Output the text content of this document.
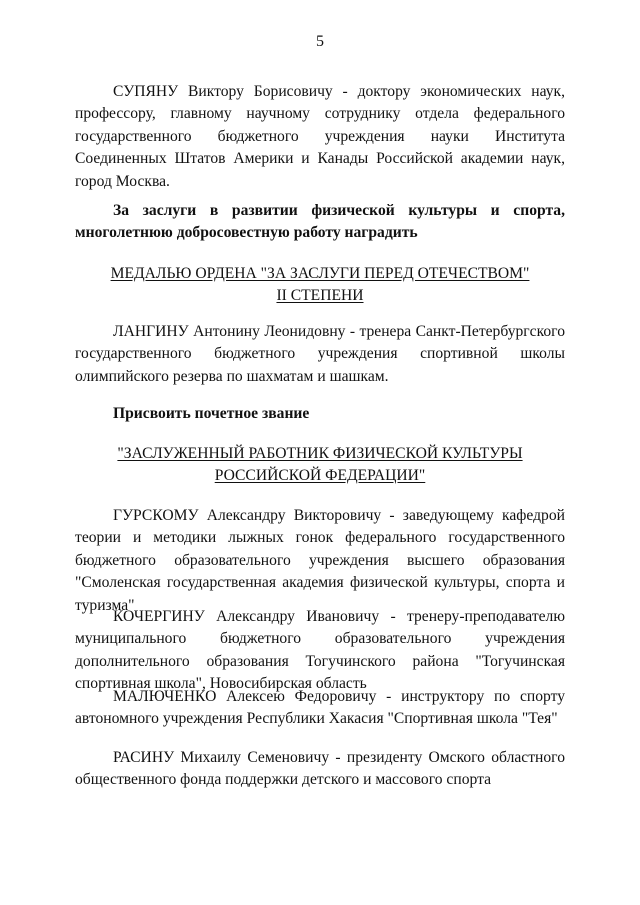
5

СУПЯНУ Виктору Борисовичу - доктору экономических наук, профессору, главному научному сотруднику отдела федерального государственного бюджетного учреждения науки Института Соединенных Штатов Америки и Канады Российской академии наук, город Москва.

За заслуги в развитии физической культуры и спорта, многолетнюю добросовестную работу наградить

МЕДАЛЬЮ ОРДЕНА "ЗА ЗАСЛУГИ ПЕРЕД ОТЕЧЕСТВОМ"
II СТЕПЕНИ

ЛАНГИНУ Антонину Леонидовну - тренера Санкт-Петербургского государственного бюджетного учреждения спортивной школы олимпийского резерва по шахматам и шашкам.

Присвоить почетное звание

"ЗАСЛУЖЕННЫЙ РАБОТНИК ФИЗИЧЕСКОЙ КУЛЬТУРЫ
РОССИЙСКОЙ ФЕДЕРАЦИИ"

ГУРСКОМУ Александру Викторовичу - заведующему кафедрой теории и методики лыжных гонок федерального государственного бюджетного образовательного учреждения высшего образования "Смоленская государственная академия физической культуры, спорта и туризма"

КОЧЕРГИНУ Александру Ивановичу - тренеру-преподавателю муниципального бюджетного образовательного учреждения дополнительного образования Тогучинского района "Тогучинская спортивная школа", Новосибирская область

МАЛЮЧЕНКО Алексею Федоровичу - инструктору по спорту автономного учреждения Республики Хакасия "Спортивная школа "Тея"

РАСИНУ Михаилу Семеновичу - президенту Омского областного общественного фонда поддержки детского и массового спорта
